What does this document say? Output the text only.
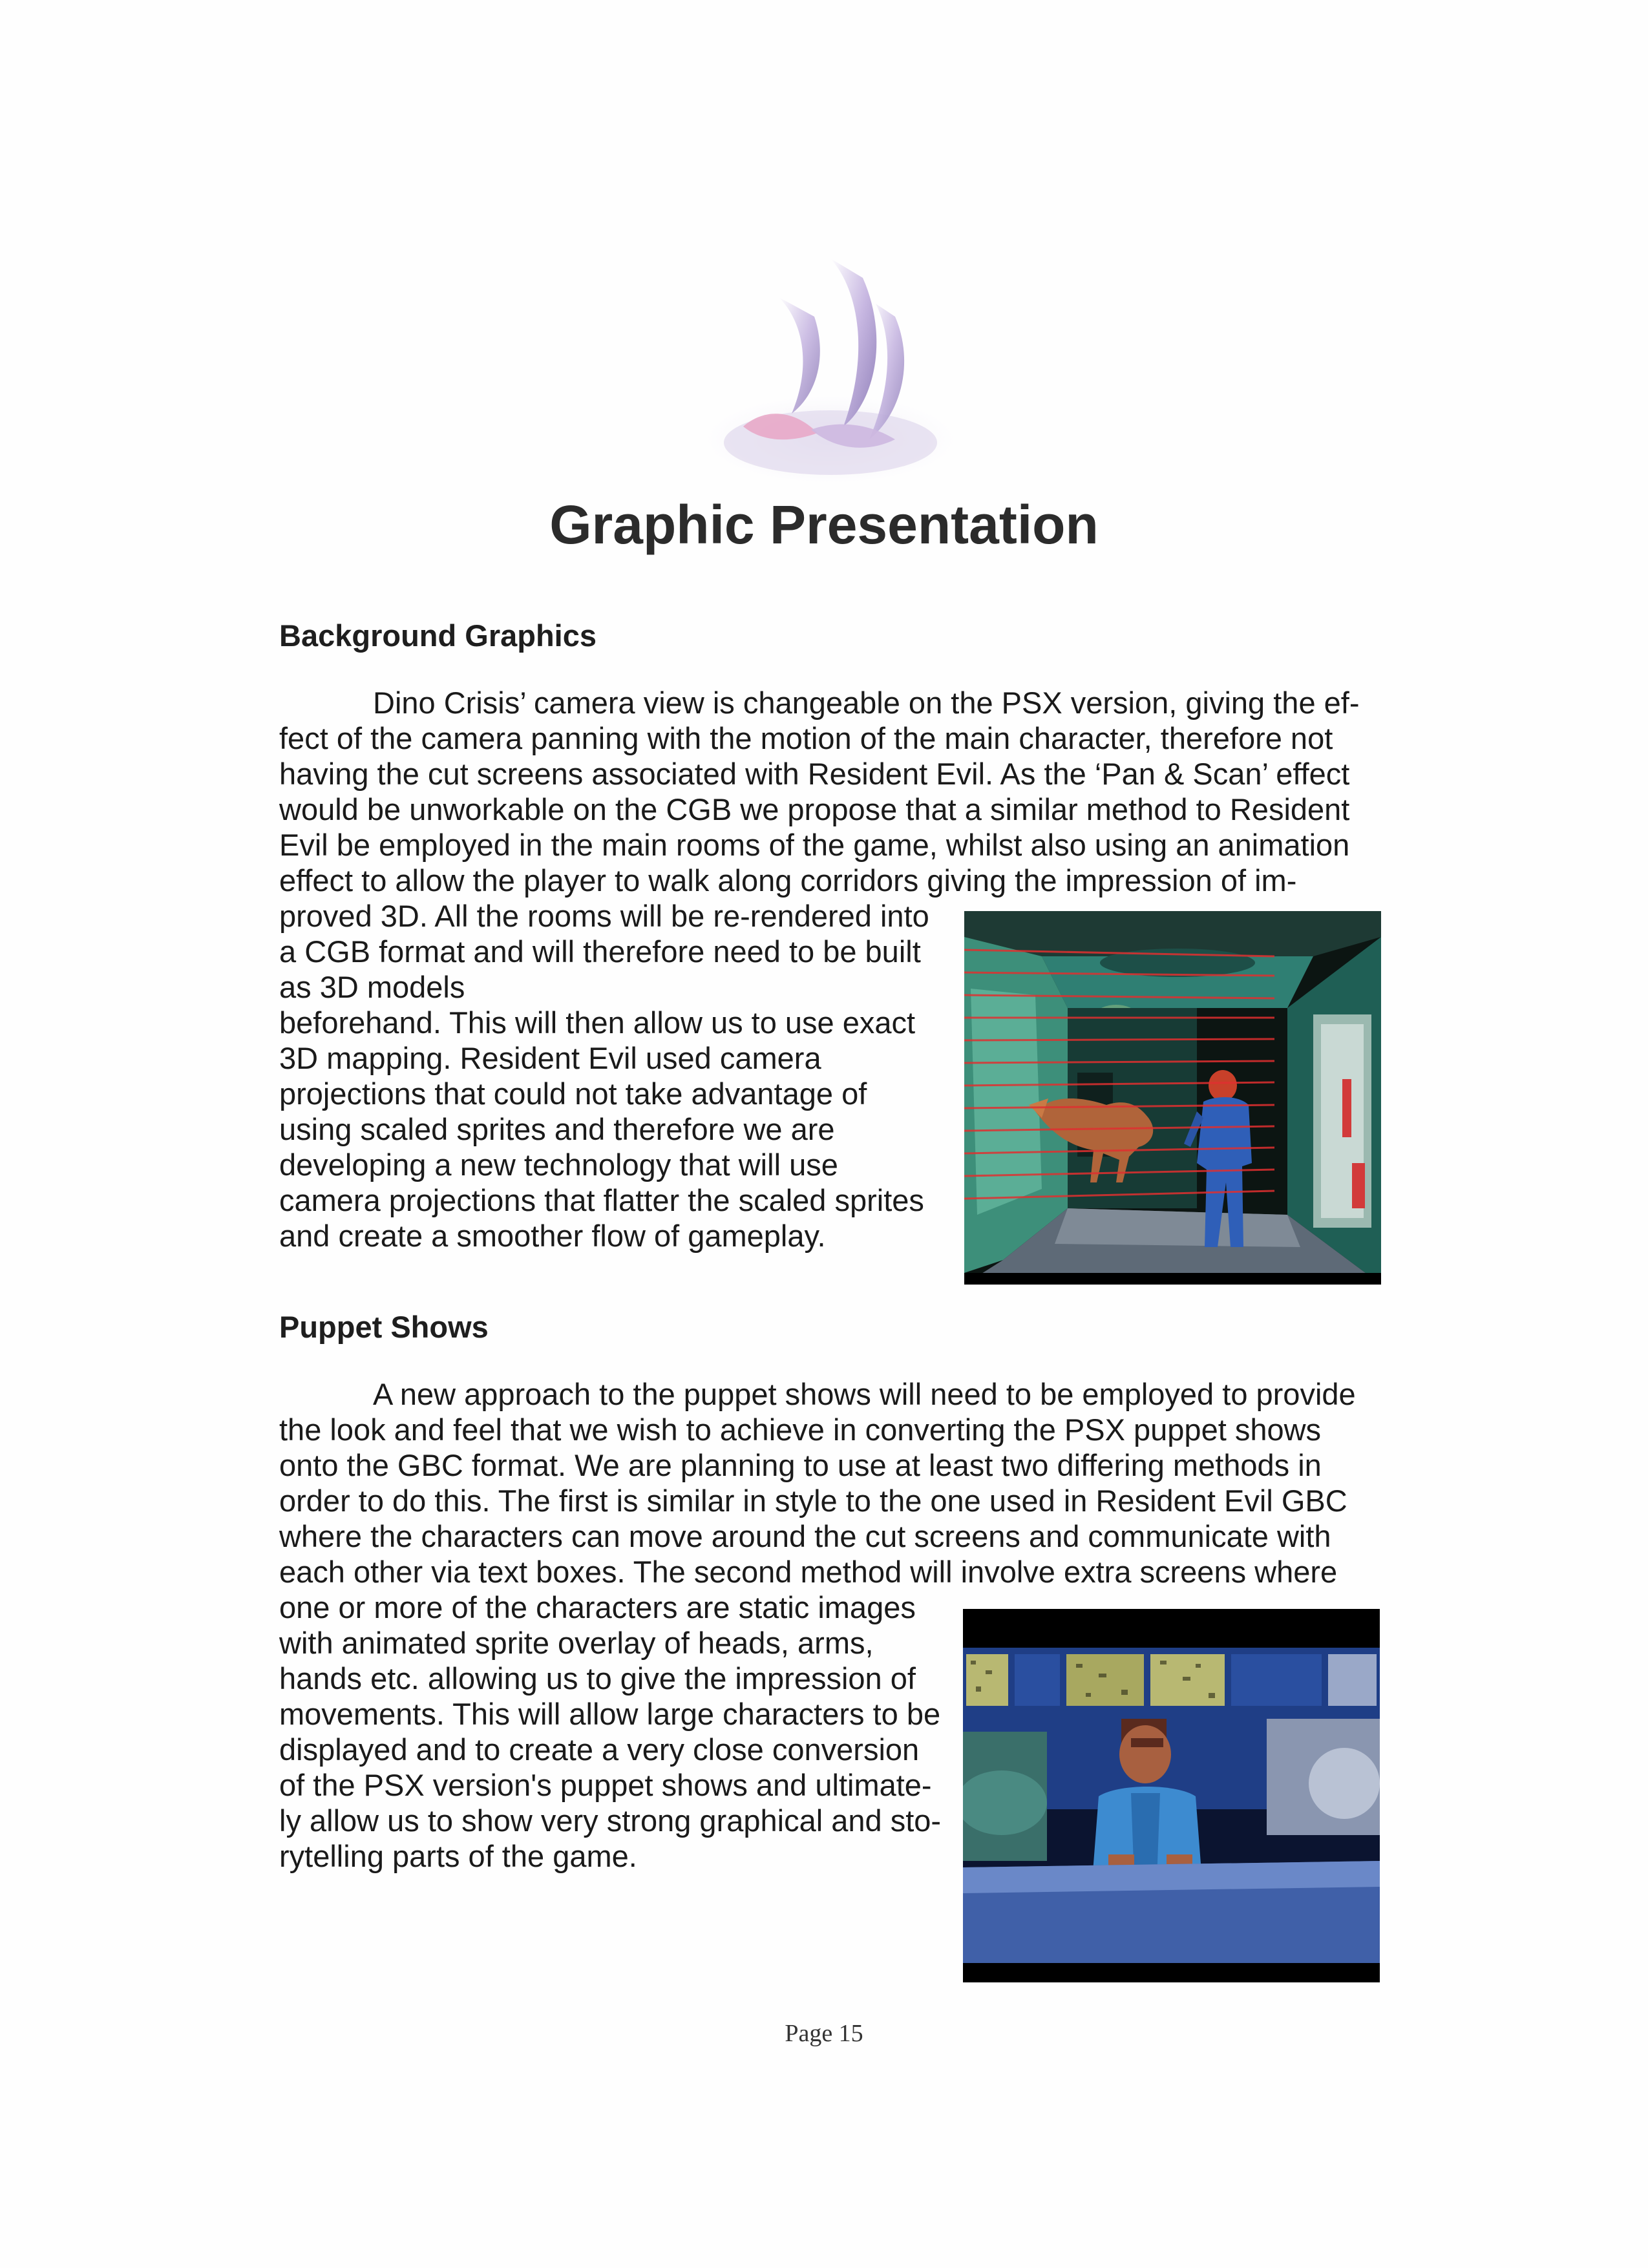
Graphic Presentation
Background Graphics

Dino Crisis’ camera view is changeable on the PSX version, giving the ef-
fect of the camera panning with the motion of the main character, therefore not
having the cut screens associated with Resident Evil. As the ‘Pan & Scan’ effect
would be unworkable on the CGB we propose that a similar method to Resident
Evil be employed in the main rooms of the game, whilst also using an animation
effect to allow the player to walk along corridors giving the impression of im-
proved 3D. All the rooms will be re-rendered into
a CGB format and will therefore need to be built
as 3D models
beforehand. This will then allow us to use exact
3D mapping. Resident Evil used camera
projections that could not take advantage of
using scaled sprites and therefore we are
developing a new technology that will use
camera projections that flatter the scaled sprites
and create a smoother flow of gameplay.

Puppet Shows

A new approach to the puppet shows will need to be employed to provide
the look and feel that we wish to achieve in converting the PSX puppet shows
onto the GBC format. We are planning to use at least two differing methods in
order to do this. The first is similar in style to the one used in Resident Evil GBC
where the characters can move around the cut screens and communicate with
each other via text boxes. The second method will involve extra screens where
one or more of the characters are static images
with animated sprite overlay of heads, arms,
hands etc. allowing us to give the impression of
movements. This will allow large characters to be
displayed and to create a very close conversion
of the PSX version's puppet shows and ultimate-
ly allow us to show very strong graphical and sto-
rytelling parts of the game.

Page 15
